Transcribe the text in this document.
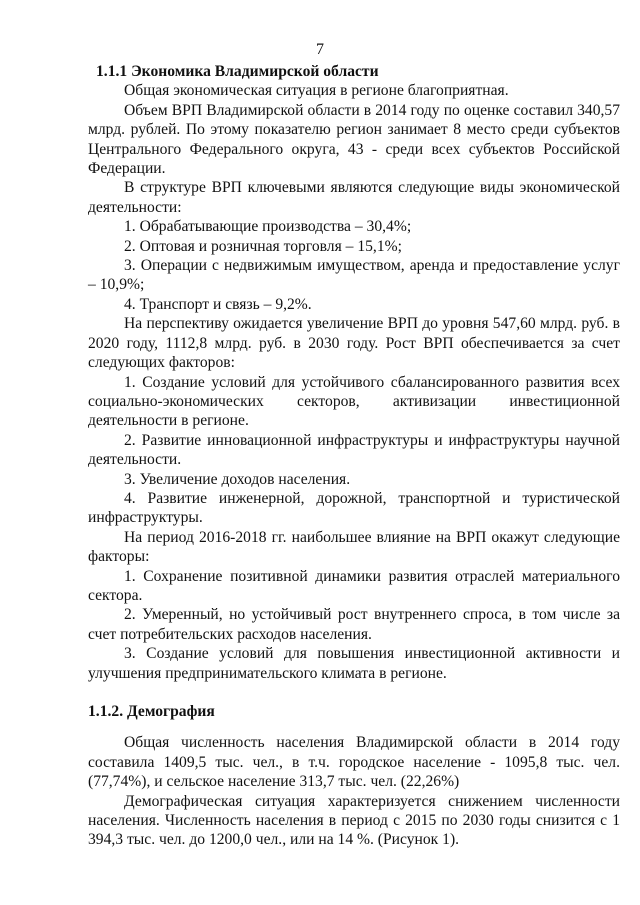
7
1.1.1 Экономика Владимирской области

Общая экономическая ситуация в регионе благоприятная.

Объем ВРП Владимирской области в 2014 году по оценке составил 340,57 млрд. рублей. По этому показателю регион занимает 8 место среди субъектов Центрального Федерального округа, 43 - среди всех субъектов Российской Федерации.

В структуре ВРП ключевыми являются следующие виды экономической деятельности:

1. Обрабатывающие производства – 30,4%;

2. Оптовая и розничная торговля – 15,1%;

3. Операции с недвижимым имуществом, аренда и предоставление услуг – 10,9%;

4. Транспорт и связь – 9,2%.

На перспективу ожидается увеличение ВРП до уровня 547,60 млрд. руб. в 2020 году, 1112,8 млрд. руб. в 2030 году. Рост ВРП обеспечивается за счет следующих факторов:

1. Создание условий для устойчивого сбалансированного развития всех социально-экономических секторов, активизации инвестиционной деятельности в регионе.

2. Развитие инновационной инфраструктуры и инфраструктуры научной деятельности.

3. Увеличение доходов населения.

4. Развитие инженерной, дорожной, транспортной и туристической инфраструктуры.

На период 2016-2018 гг. наибольшее влияние на ВРП окажут следующие факторы:

1. Сохранение позитивной динамики развития отраслей материального сектора.

2. Умеренный, но устойчивый рост внутреннего спроса, в том числе за счет потребительских расходов населения.

3. Создание условий для повышения инвестиционной активности и улучшения предпринимательского климата в регионе.

1.1.2. Демография

Общая численность населения Владимирской области в 2014 году составила 1409,5 тыс. чел., в т.ч. городское население - 1095,8 тыс. чел. (77,74%), и сельское население 313,7 тыс. чел. (22,26%)

Демографическая ситуация характеризуется снижением численности населения. Численность населения в период с 2015 по 2030 годы снизится с 1 394,3 тыс. чел. до 1200,0 чел., или на 14 %. (Рисунок 1).
